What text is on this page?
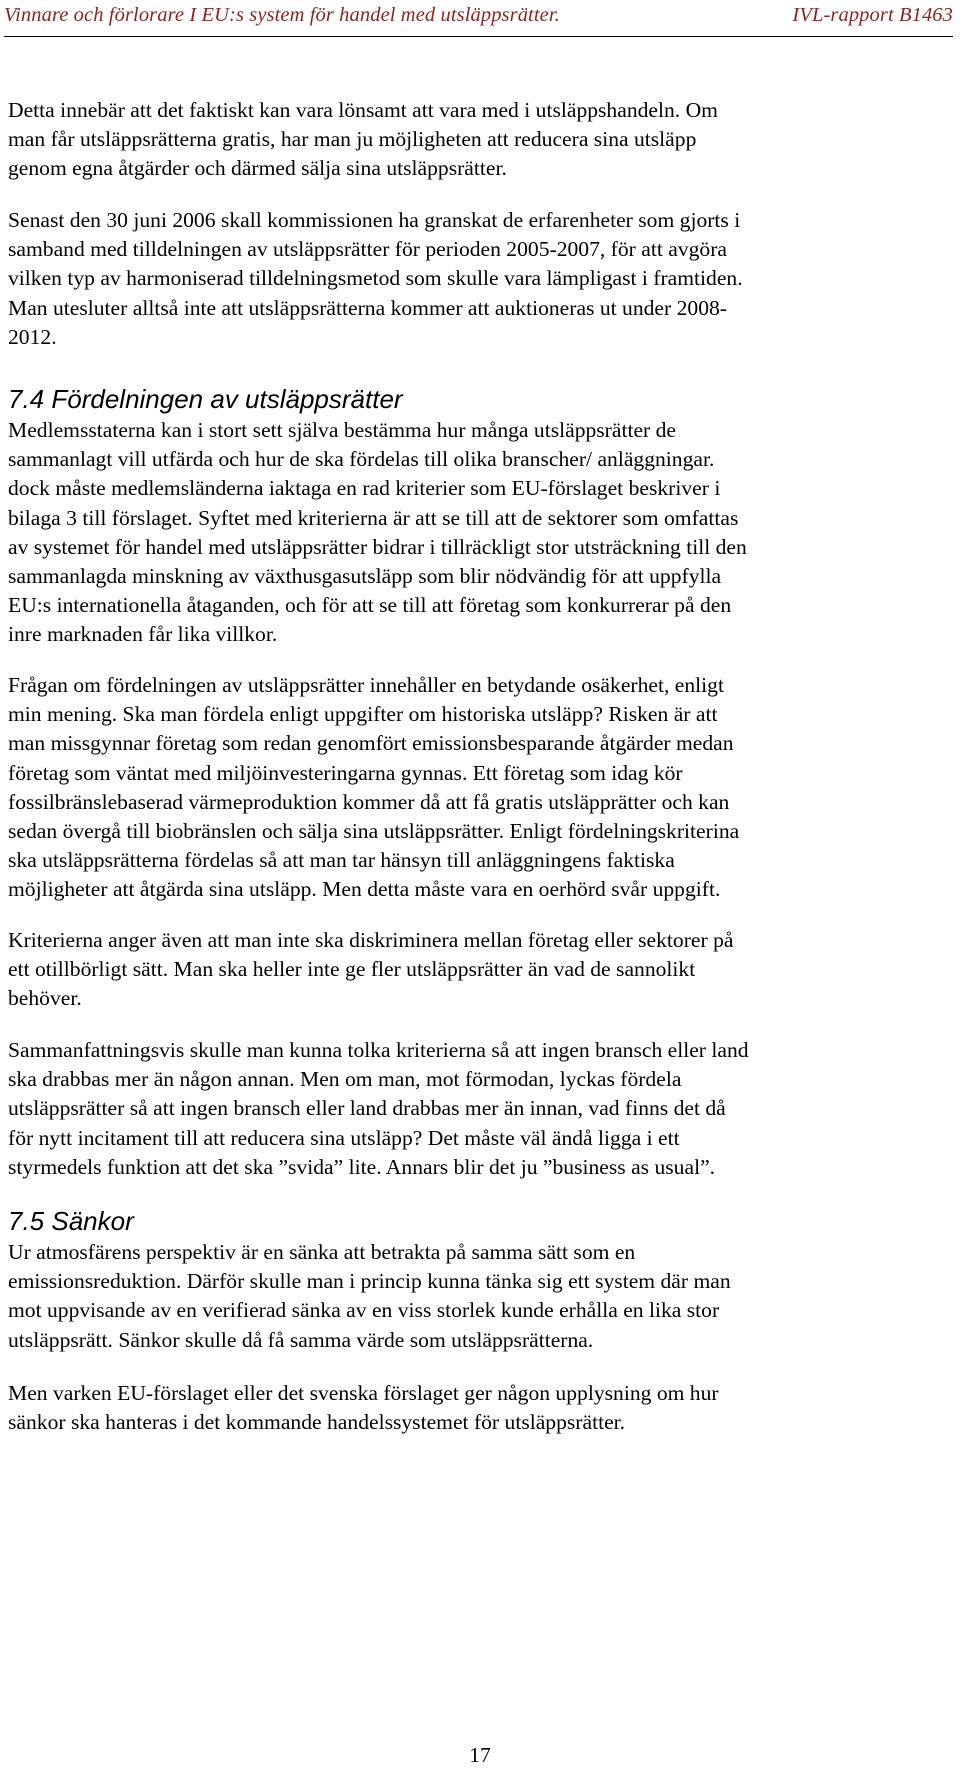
Vinnare och förlorare I EU:s system för handel med utsläppsrätter.	IVL-rapport B1463

Detta innebär att det faktiskt kan vara lönsamt att vara med i utsläppshandeln. Om
man får utsläppsrätterna gratis, har man ju möjligheten att reducera sina utsläpp
genom egna åtgärder och därmed sälja sina utsläppsrätter.

Senast den 30 juni 2006 skall kommissionen ha granskat de erfarenheter som gjorts i
samband med tilldelningen av utsläppsrätter för perioden 2005-2007, för att avgöra
vilken typ av harmoniserad tilldelningsmetod som skulle vara lämpligast i framtiden.
Man utesluter alltså inte att utsläppsrätterna kommer att auktioneras ut under 2008-
2012.

7.4 Fördelningen av utsläppsrätter

Medlemsstaterna kan i stort sett själva bestämma hur många utsläppsrätter de
sammanlagt vill utfärda och hur de ska fördelas till olika branscher/ anläggningar.
dock måste medlemsländerna iaktaga en rad kriterier som EU-förslaget beskriver i
bilaga 3 till förslaget. Syftet med kriterierna är att se till att de sektorer som omfattas
av systemet för handel med utsläppsrätter bidrar i tillräckligt stor utsträckning till den
sammanlagda minskning av växthusgasutsläpp som blir nödvändig för att uppfylla
EU:s internationella åtaganden, och för att se till att företag som konkurrerar på den
inre marknaden får lika villkor.

Frågan om fördelningen av utsläppsrätter innehåller en betydande osäkerhet, enligt
min mening. Ska man fördela enligt uppgifter om historiska utsläpp? Risken är att
man missgynnar företag som redan genomfört emissionsbesparande åtgärder medan
företag som väntat med miljöinvesteringarna gynnas. Ett företag som idag kör
fossilbränslebaserad värmeproduktion kommer då att få gratis utsläpprätter och kan
sedan övergå till biobränslen och sälja sina utsläppsrätter. Enligt fördelningskriterina
ska utsläppsrätterna fördelas så att man tar hänsyn till anläggningens faktiska
möjligheter att åtgärda sina utsläpp. Men detta måste vara en oerhörd svår uppgift.

Kriterierna anger även att man inte ska diskriminera mellan företag eller sektorer på
ett otillbörligt sätt. Man ska heller inte ge fler utsläppsrätter än vad de sannolikt
behöver.

Sammanfattningsvis skulle man kunna tolka kriterierna så att ingen bransch eller land
ska drabbas mer än någon annan. Men om man, mot förmodan, lyckas fördela
utsläppsrätter så att ingen bransch eller land drabbas mer än innan, vad finns det då
för nytt incitament till att reducera sina utsläpp? Det måste väl ändå ligga i ett
styrmedels funktion att det ska ”svida” lite. Annars blir det ju ”business as usual”.

7.5 Sänkor

Ur atmosfärens perspektiv är en sänka att betrakta på samma sätt som en
emissionsreduktion. Därför skulle man i princip kunna tänka sig ett system där man
mot uppvisande av en verifierad sänka av en viss storlek kunde erhålla en lika stor
utsläppsrätt. Sänkor skulle då få samma värde som utsläppsrätterna.

Men varken EU-förslaget eller det svenska förslaget ger någon upplysning om hur
sänkor ska hanteras i det kommande handelssystemet för utsläppsrätter.

17
